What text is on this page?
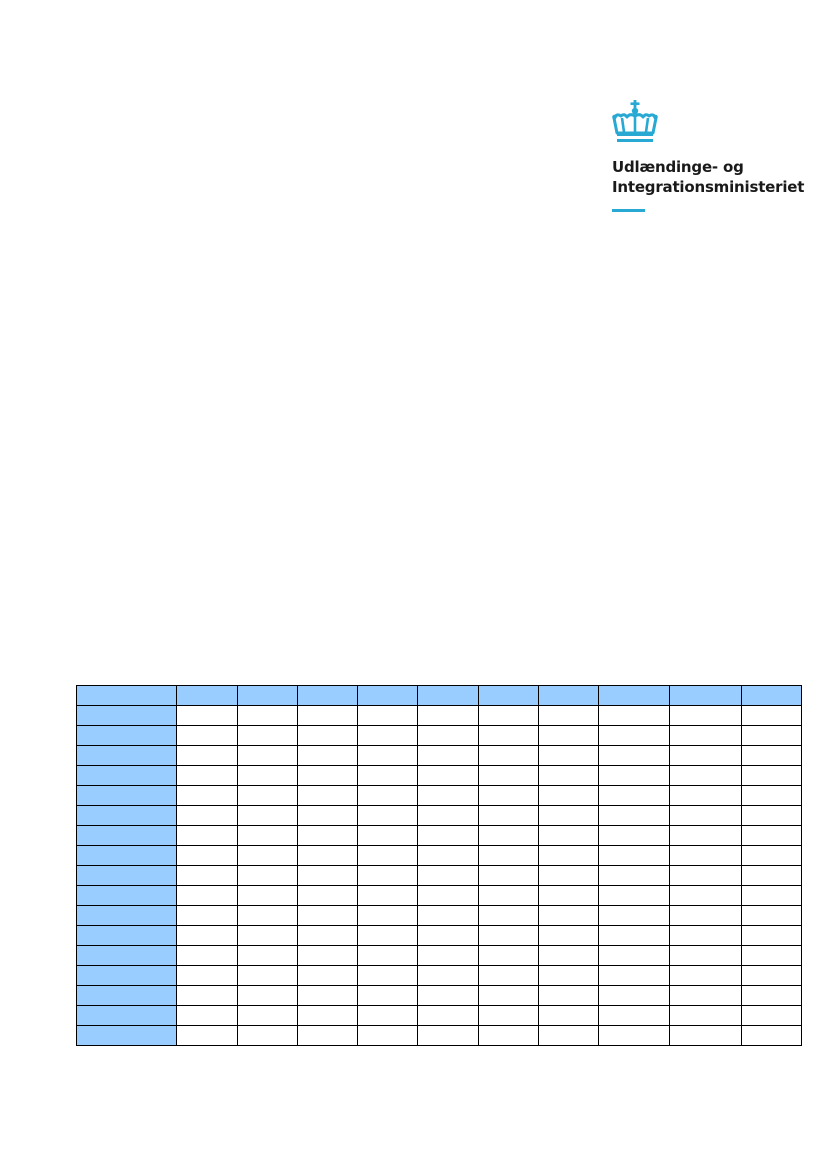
Udlændinge- og
Integrationsministeriet
